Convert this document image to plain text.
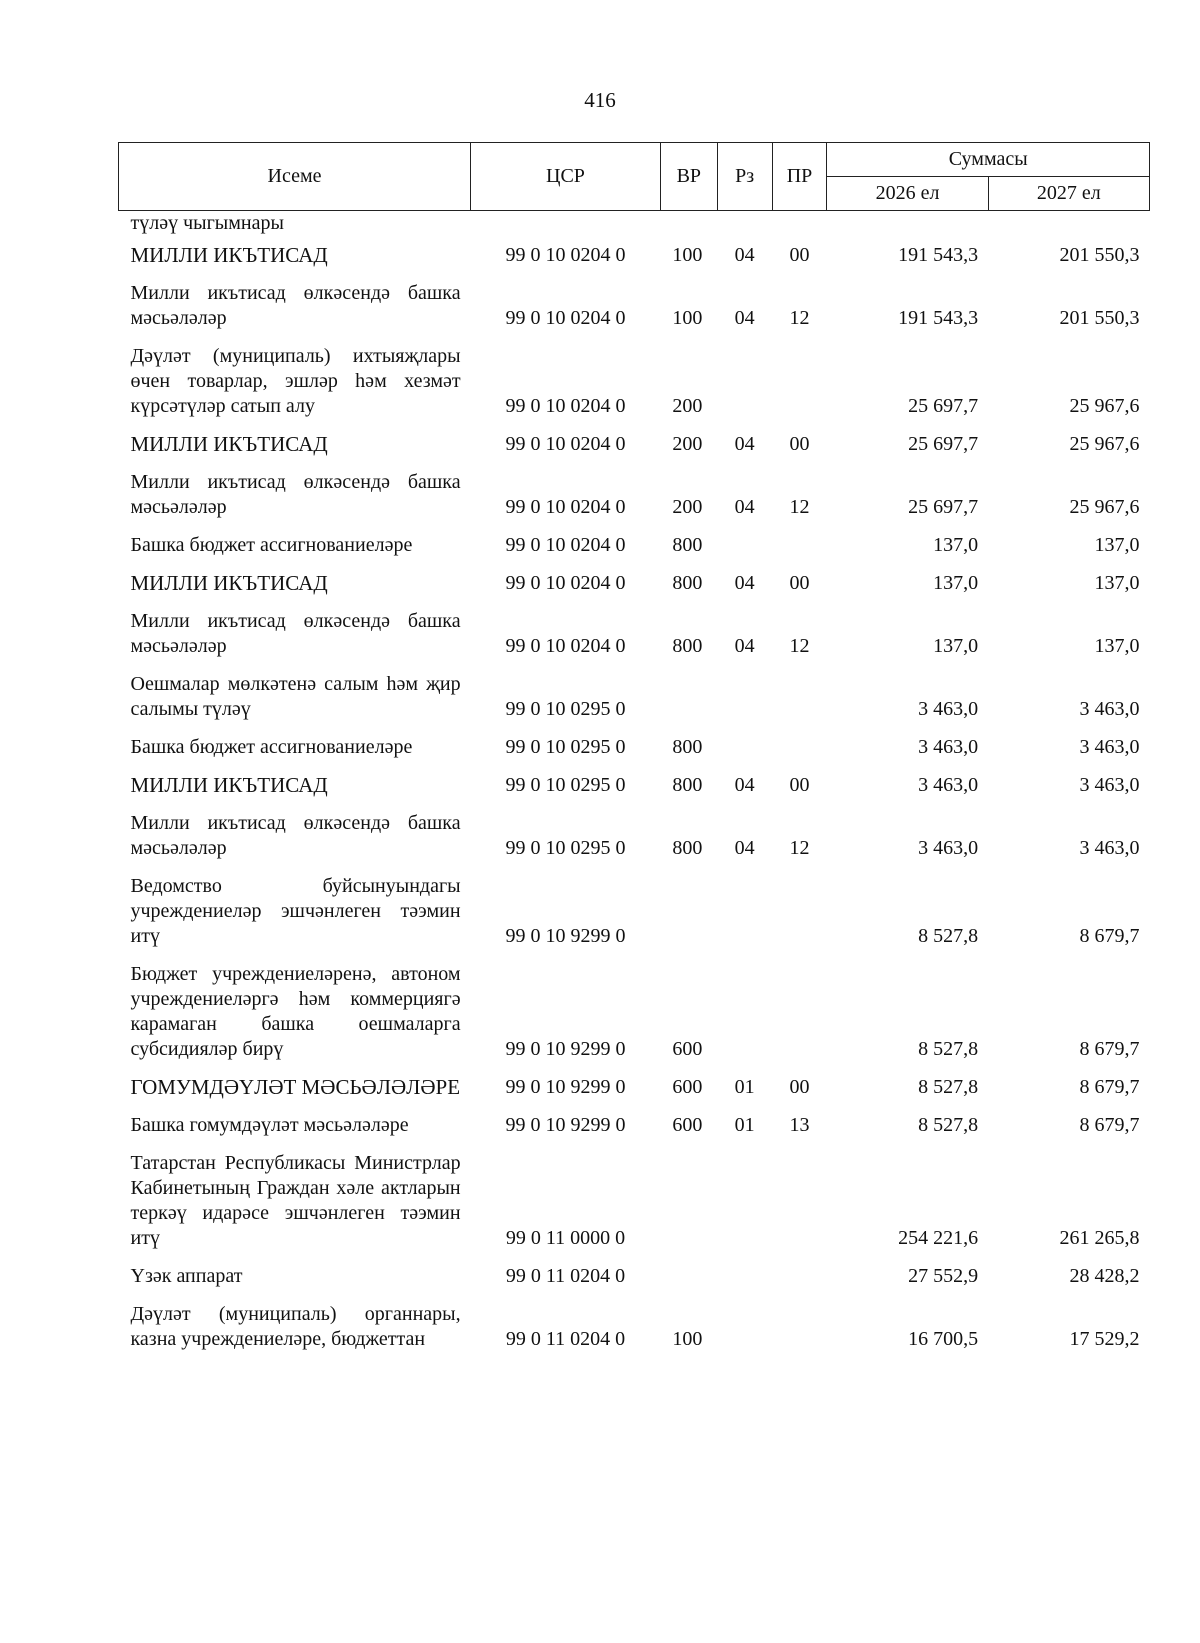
416
Исеме	ЦСР	ВР	Рз	ПР	Суммасы	
					2026 ел	2027 ел
түләү чыгымнары						
МИЛЛИ ИКЪТИСАД	99 0 10 0204 0	100	04	00	191 543,3	201 550,3
Милли икътисад өлкәсендә башка мәсьәләләр	99 0 10 0204 0	100	04	12	191 543,3	201 550,3
Дәүләт (муниципаль) ихтыяҗлары өчен товарлар, эшләр һәм хезмәт күрсәтүләр сатып алу	99 0 10 0204 0	200			25 697,7	25 967,6
МИЛЛИ ИКЪТИСАД	99 0 10 0204 0	200	04	00	25 697,7	25 967,6
Милли икътисад өлкәсендә башка мәсьәләләр	99 0 10 0204 0	200	04	12	25 697,7	25 967,6
Башка бюджет ассигнованиеләре	99 0 10 0204 0	800			137,0	137,0
МИЛЛИ ИКЪТИСАД	99 0 10 0204 0	800	04	00	137,0	137,0
Милли икътисад өлкәсендә башка мәсьәләләр	99 0 10 0204 0	800	04	12	137,0	137,0
Оешмалар мөлкәтенә салым һәм җир салымы түләү	99 0 10 0295 0				3 463,0	3 463,0
Башка бюджет ассигнованиеләре	99 0 10 0295 0	800			3 463,0	3 463,0
МИЛЛИ ИКЪТИСАД	99 0 10 0295 0	800	04	00	3 463,0	3 463,0
Милли икътисад өлкәсендә башка мәсьәләләр	99 0 10 0295 0	800	04	12	3 463,0	3 463,0
Ведомство буйсынуындагы учреждениеләр эшчәнлеген тәэмин итү	99 0 10 9299 0				8 527,8	8 679,7
Бюджет учреждениеләренә, автоном учреждениеләргә һәм коммерциягә карамаган башка оешмаларга субсидияләр бирү	99 0 10 9299 0	600			8 527,8	8 679,7
ГОМУМДӘҮЛӘТ МӘСЬӘЛӘЛӘРЕ	99 0 10 9299 0	600	01	00	8 527,8	8 679,7
Башка гомумдәүләт мәсьәләләре	99 0 10 9299 0	600	01	13	8 527,8	8 679,7
Татарстан Республикасы Министрлар Кабинетының Граждан хәле актларын теркәү идарәсе эшчәнлеген тәэмин итү	99 0 11 0000 0				254 221,6	261 265,8
Үзәк аппарат	99 0 11 0204 0				27 552,9	28 428,2
Дәүләт (муниципаль) органнары, казна учреждениеләре, бюджеттан	99 0 11 0204 0	100			16 700,5	17 529,2
